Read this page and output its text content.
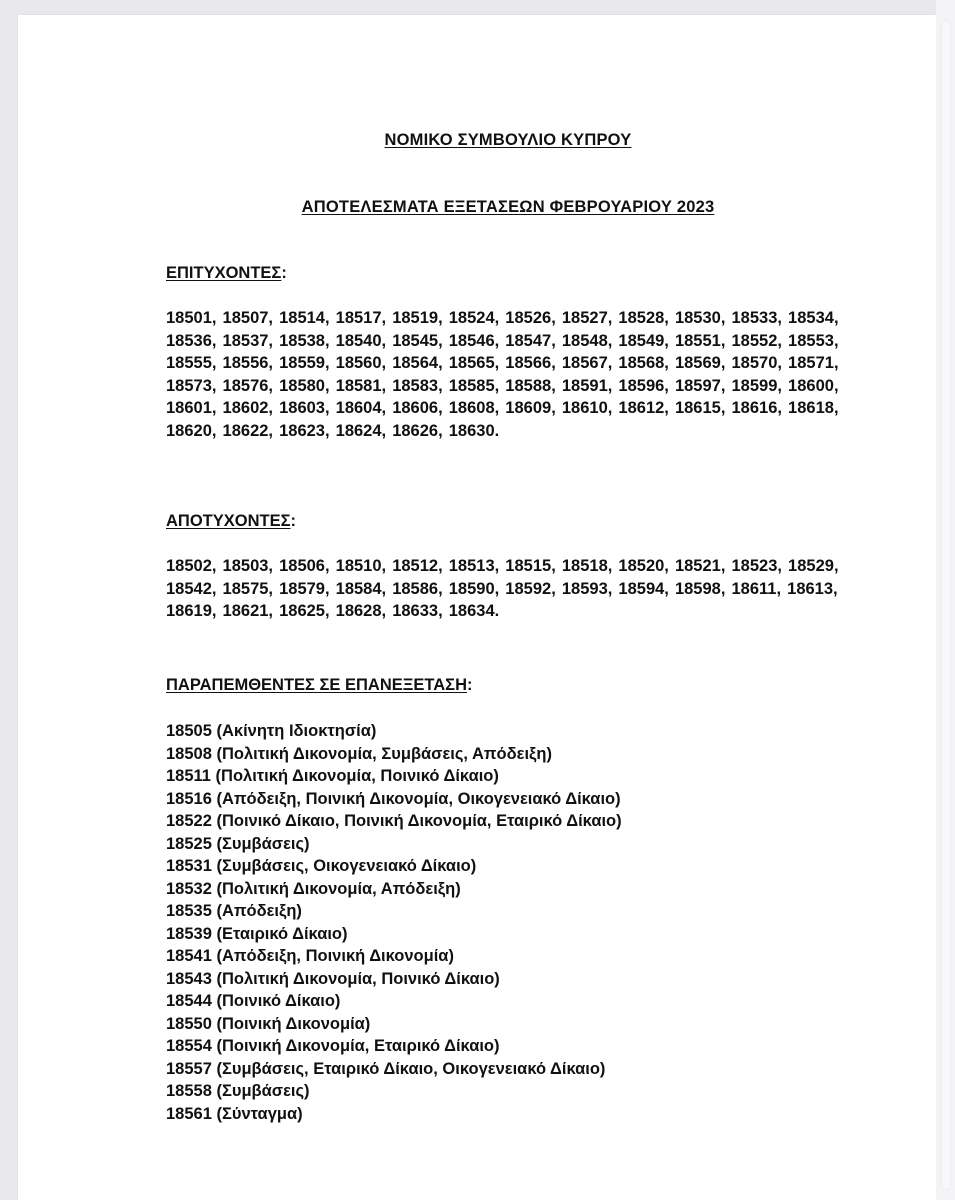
ΝΟΜΙΚΟ ΣΥΜΒΟΥΛΙΟ ΚΥΠΡΟΥ
ΑΠΟΤΕΛΕΣΜΑΤΑ ΕΞΕΤΑΣΕΩΝ ΦΕΒΡΟΥΑΡΙΟΥ 2023
ΕΠΙΤΥΧΟΝΤΕΣ:

18501, 18507, 18514, 18517, 18519, 18524, 18526, 18527, 18528, 18530, 18533, 18534, 18536, 18537, 18538, 18540, 18545, 18546, 18547, 18548, 18549, 18551, 18552, 18553, 18555, 18556, 18559, 18560, 18564, 18565, 18566, 18567, 18568, 18569, 18570, 18571, 18573, 18576, 18580, 18581, 18583, 18585, 18588, 18591, 18596, 18597, 18599, 18600, 18601, 18602, 18603, 18604, 18606, 18608, 18609, 18610, 18612, 18615, 18616, 18618, 18620, 18622, 18623, 18624, 18626, 18630.

ΑΠΟΤΥΧΟΝΤΕΣ:

18502, 18503, 18506, 18510, 18512, 18513, 18515, 18518, 18520, 18521, 18523, 18529, 18542, 18575, 18579, 18584, 18586, 18590, 18592, 18593, 18594, 18598, 18611, 18613, 18619, 18621, 18625, 18628, 18633, 18634.

ΠΑΡΑΠΕΜΘΕΝΤΕΣ ΣΕ ΕΠΑΝΕΞΕΤΑΣΗ:
18505 (Ακίνητη Ιδιοκτησία)
18508 (Πολιτική Δικονομία, Συμβάσεις, Απόδειξη)
18511 (Πολιτική Δικονομία, Ποινικό Δίκαιο)
18516 (Απόδειξη, Ποινική Δικονομία, Οικογενειακό Δίκαιο)
18522 (Ποινικό Δίκαιο, Ποινική Δικονομία, Εταιρικό Δίκαιο)
18525 (Συμβάσεις)
18531 (Συμβάσεις, Οικογενειακό Δίκαιο)
18532 (Πολιτική Δικονομία, Απόδειξη)
18535 (Απόδειξη)
18539 (Εταιρικό Δίκαιο)
18541 (Απόδειξη, Ποινική Δικονομία)
18543 (Πολιτική Δικονομία, Ποινικό Δίκαιο)
18544 (Ποινικό Δίκαιο)
18550 (Ποινική Δικονομία)
18554 (Ποινική Δικονομία, Εταιρικό Δίκαιο)
18557 (Συμβάσεις, Εταιρικό Δίκαιο, Οικογενειακό Δίκαιο)
18558 (Συμβάσεις)
18561 (Σύνταγμα)
